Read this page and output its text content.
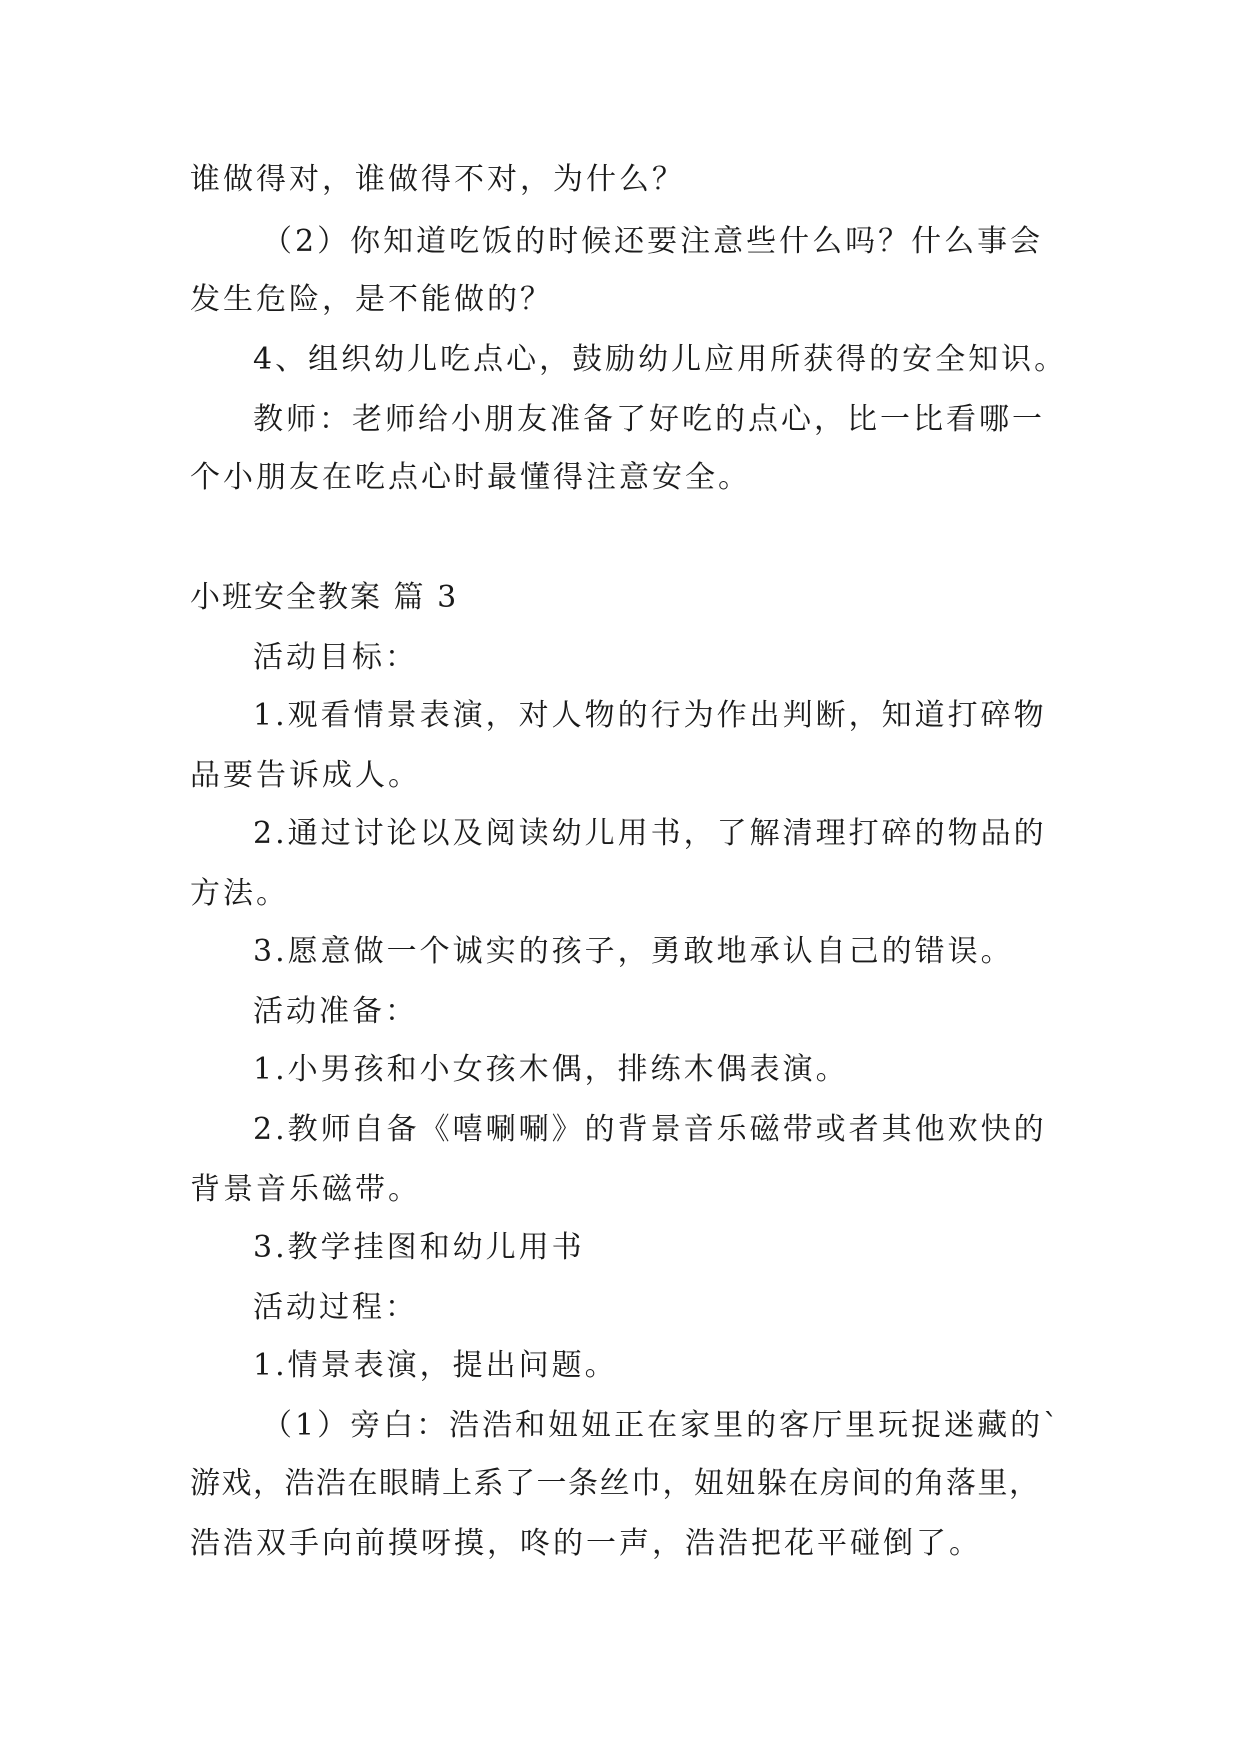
谁做得对，谁做得不对，为什么？
（2）你知道吃饭的时候还要注意些什么吗？什么事会
发生危险，是不能做的？
4、组织幼儿吃点心，鼓励幼儿应用所获得的安全知识。
教师：老师给小朋友准备了好吃的点心，比一比看哪一
个小朋友在吃点心时最懂得注意安全。
小班安全教案 篇 3
活动目标：
1.观看情景表演，对人物的行为作出判断，知道打碎物
品要告诉成人。
2.通过讨论以及阅读幼儿用书，了解清理打碎的物品的
方法。
3.愿意做一个诚实的孩子，勇敢地承认自己的错误。
活动准备：
1.小男孩和小女孩木偶，排练木偶表演。
2.教师自备《嘻唰唰》的背景音乐磁带或者其他欢快的
背景音乐磁带。
3.教学挂图和幼儿用书
活动过程：
1.情景表演，提出问题。
（1）旁白：浩浩和妞妞正在家里的客厅里玩捉迷藏的`
游戏，浩浩在眼睛上系了一条丝巾，妞妞躲在房间的角落里，
浩浩双手向前摸呀摸，咚的一声，浩浩把花平碰倒了。
